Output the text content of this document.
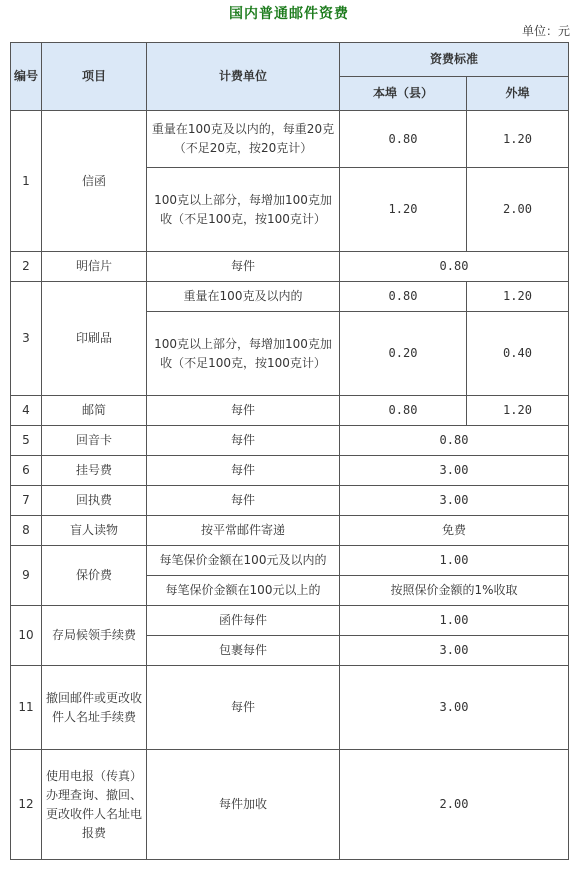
国内普通邮件资费
单位：元
编号	项目	计费单位	资费标准	
			本埠（县）	外埠
1	信函	重量在100克及以内的，每重20克（不足20克，按20克计）	0.80	1.20
		100克以上部分，每增加100克加收（不足100克，按100克计）	1.20	2.00
2	明信片	每件	0.80	
3	印刷品	重量在100克及以内的	0.80	1.20
		100克以上部分，每增加100克加收（不足100克，按100克计）	0.20	0.40
4	邮简	每件	0.80	1.20
5	回音卡	每件	0.80	
6	挂号费	每件	3.00	
7	回执费	每件	3.00	
8	盲人读物	按平常邮件寄递	免费	
9	保价费	每笔保价金额在100元及以内的	1.00	
		每笔保价金额在100元以上的	按照保价金额的1%收取	
10	存局候领手续费	函件每件	1.00	
		包裹每件	3.00	
11	撤回邮件或更改收件人名址手续费	每件	3.00	
12	使用电报（传真）办理查询、撤回、更改收件人名址电报费	每件加收	2.00	
